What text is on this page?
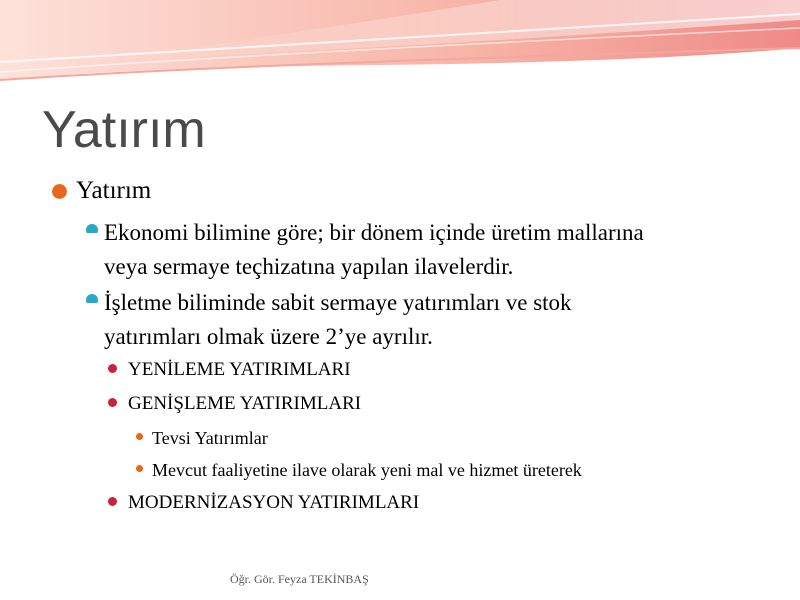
Yatırım
Yatırım
Ekonomi bilimine göre; bir dönem içinde üretim mallarına
veya sermaye teçhizatına yapılan ilavelerdir.
İşletme biliminde sabit sermaye yatırımları ve stok
yatırımları olmak üzere 2’ye ayrılır.
YENİLEME YATIRIMLARI
GENİŞLEME YATIRIMLARI
Tevsi Yatırımlar
Mevcut faaliyetine ilave olarak yeni mal ve hizmet üreterek
MODERNİZASYON YATIRIMLARI
Öğr. Gör. Feyza TEKİNBAŞ
